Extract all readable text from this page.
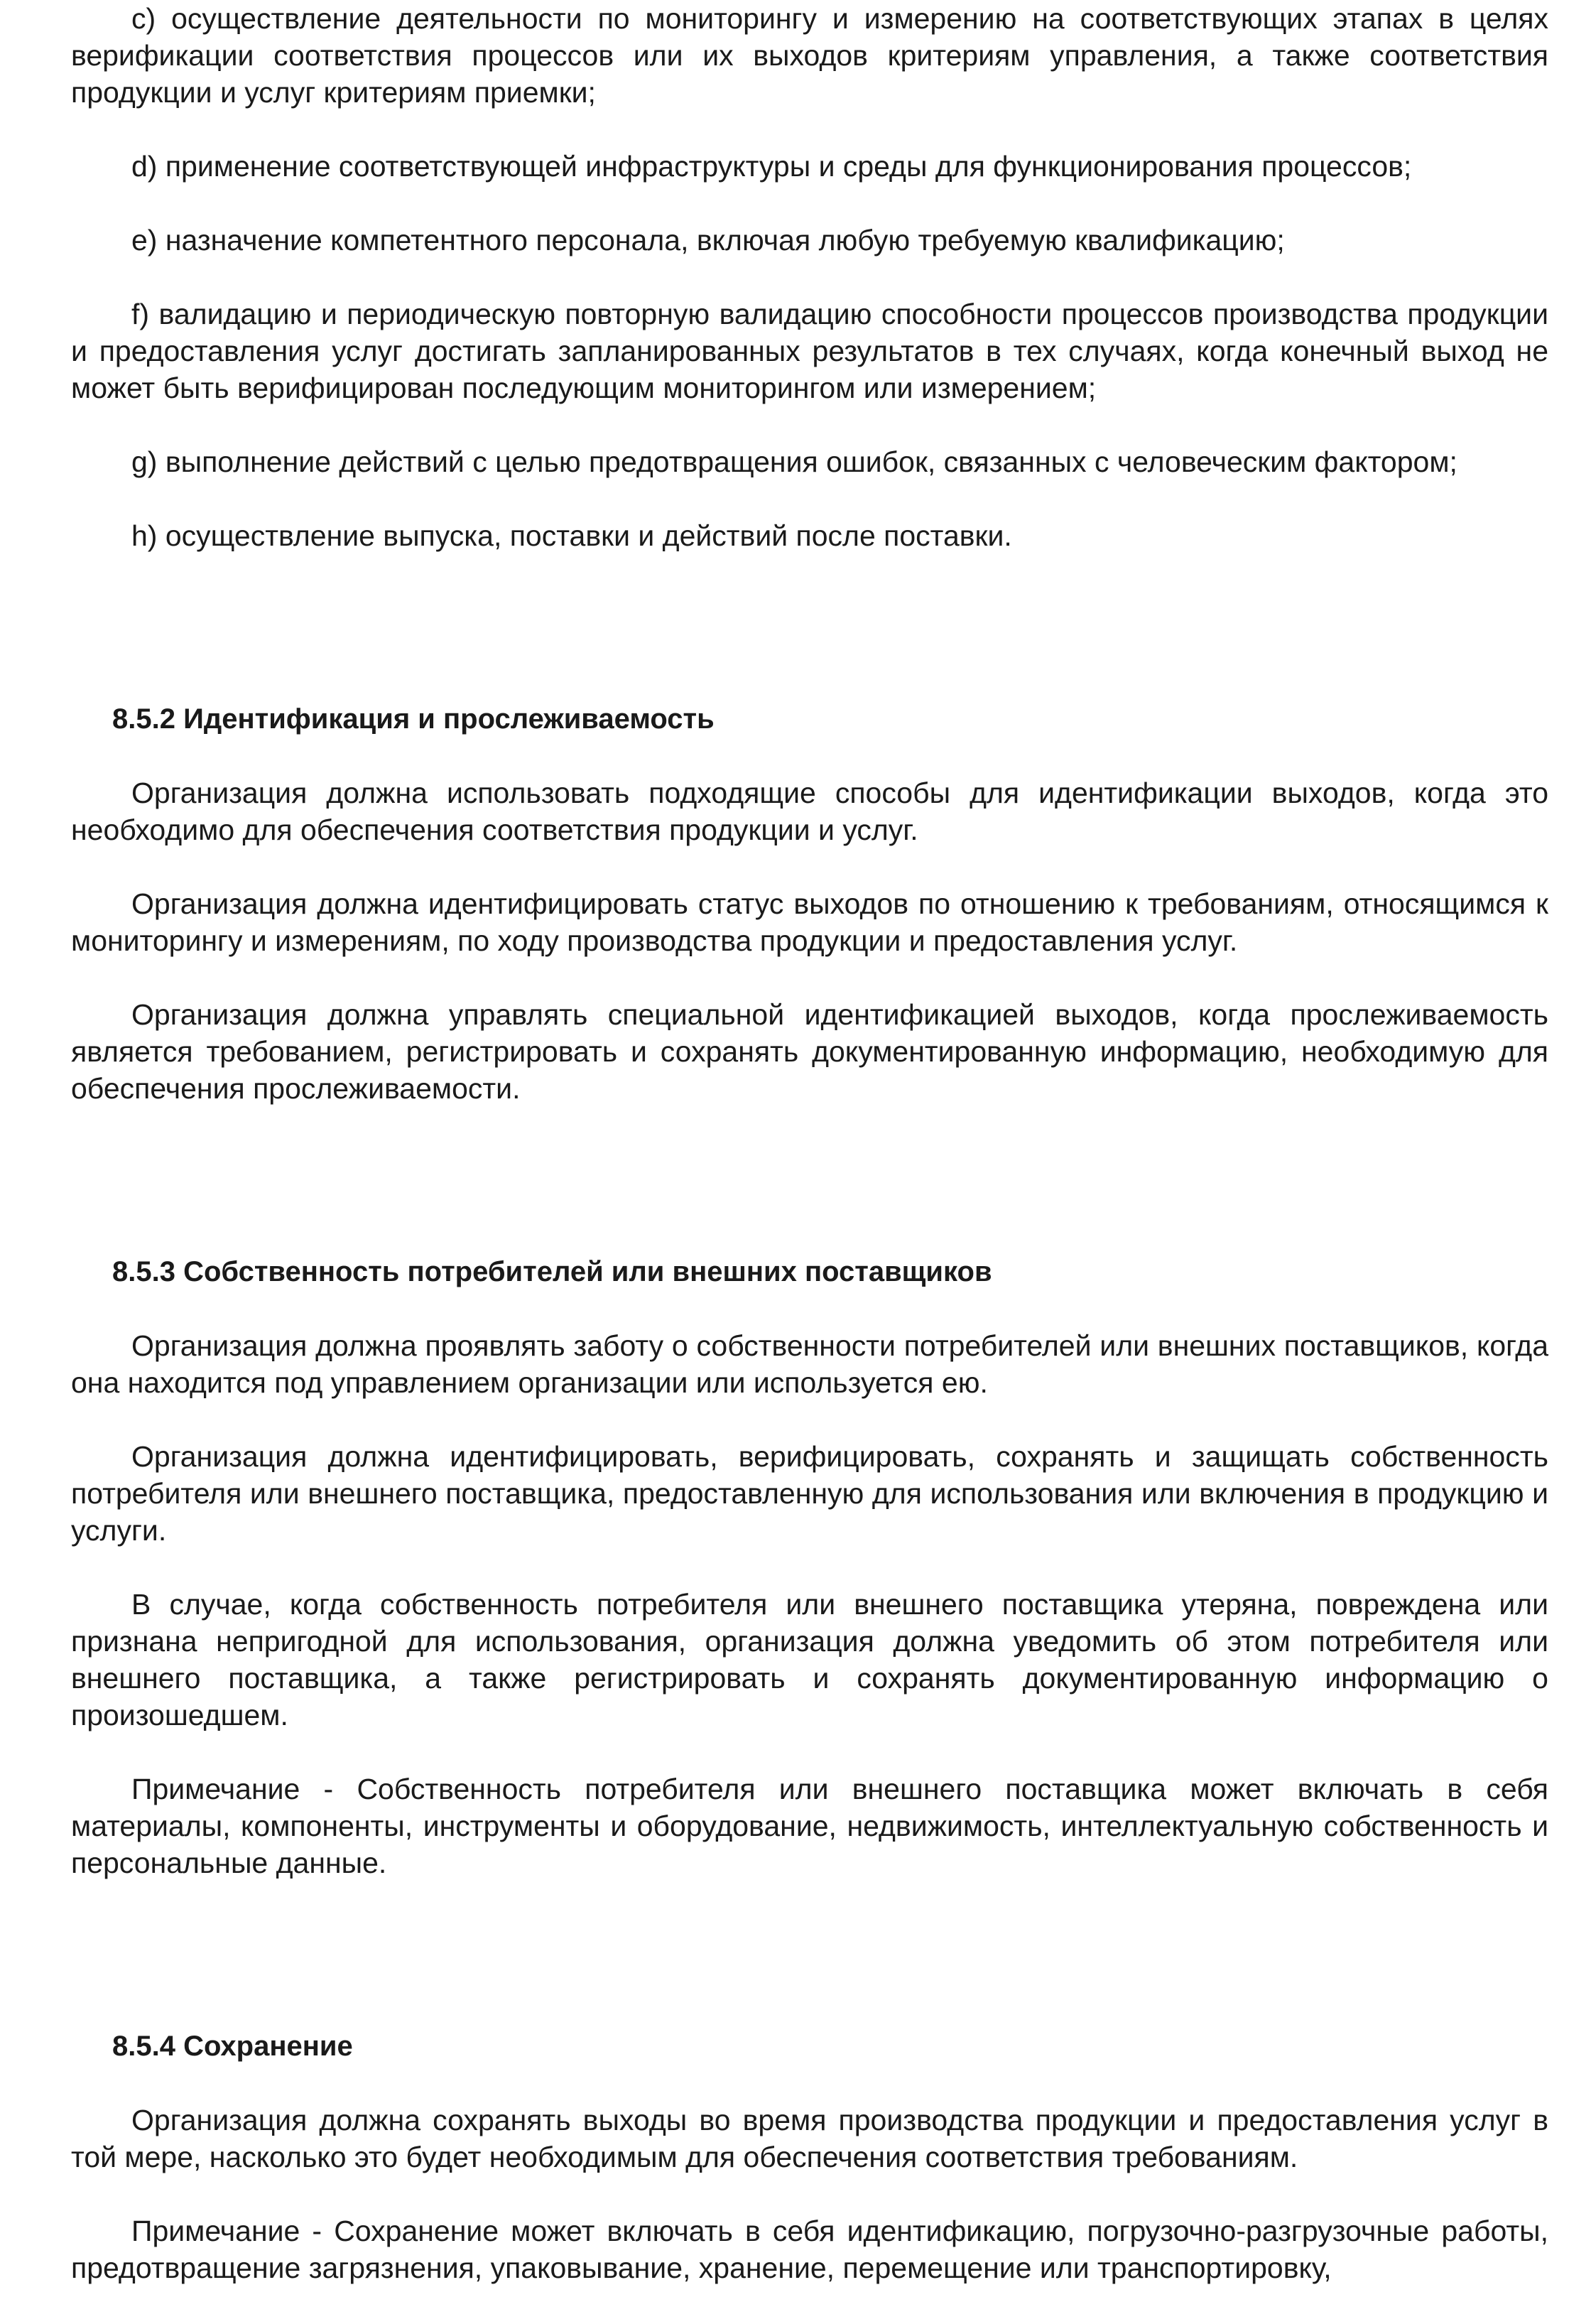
c) осуществление деятельности по мониторингу и измерению на соответствующих этапах в целях верификации соответствия процессов или их выходов критериям управления, а также соответствия продукции и услуг критериям приемки;

d) применение соответствующей инфраструктуры и среды для функционирования процессов;

e) назначение компетентного персонала, включая любую требуемую квалификацию;

f) валидацию и периодическую повторную валидацию способности процессов производства продукции и предоставления услуг достигать запланированных результатов в тех случаях, когда конечный выход не может быть верифицирован последующим мониторингом или измерением;

g) выполнение действий с целью предотвращения ошибок, связанных с человеческим фактором;

h) осуществление выпуска, поставки и действий после поставки.

8.5.2 Идентификация и прослеживаемость

Организация должна использовать подходящие способы для идентификации выходов, когда это необходимо для обеспечения соответствия продукции и услуг.

Организация должна идентифицировать статус выходов по отношению к требованиям, относящимся к мониторингу и измерениям, по ходу производства продукции и предоставления услуг.

Организация должна управлять специальной идентификацией выходов, когда прослеживаемость является требованием, регистрировать и сохранять документированную информацию, необходимую для обеспечения прослеживаемости.

8.5.3 Собственность потребителей или внешних поставщиков

Организация должна проявлять заботу о собственности потребителей или внешних поставщиков, когда она находится под управлением организации или используется ею.

Организация должна идентифицировать, верифицировать, сохранять и защищать собственность потребителя или внешнего поставщика, предоставленную для использования или включения в продукцию и услуги.

В случае, когда собственность потребителя или внешнего поставщика утеряна, повреждена или признана непригодной для использования, организация должна уведомить об этом потребителя или внешнего поставщика, а также регистрировать и сохранять документированную информацию о произошедшем.

Примечание - Собственность потребителя или внешнего поставщика может включать в себя материалы, компоненты, инструменты и оборудование, недвижимость, интеллектуальную собственность и персональные данные.

8.5.4 Сохранение

Организация должна сохранять выходы во время производства продукции и предоставления услуг в той мере, насколько это будет необходимым для обеспечения соответствия требованиям.

Примечание - Сохранение может включать в себя идентификацию, погрузочно-разгрузочные работы, предотвращение загрязнения, упаковывание, хранение, перемещение или транспортировку,
